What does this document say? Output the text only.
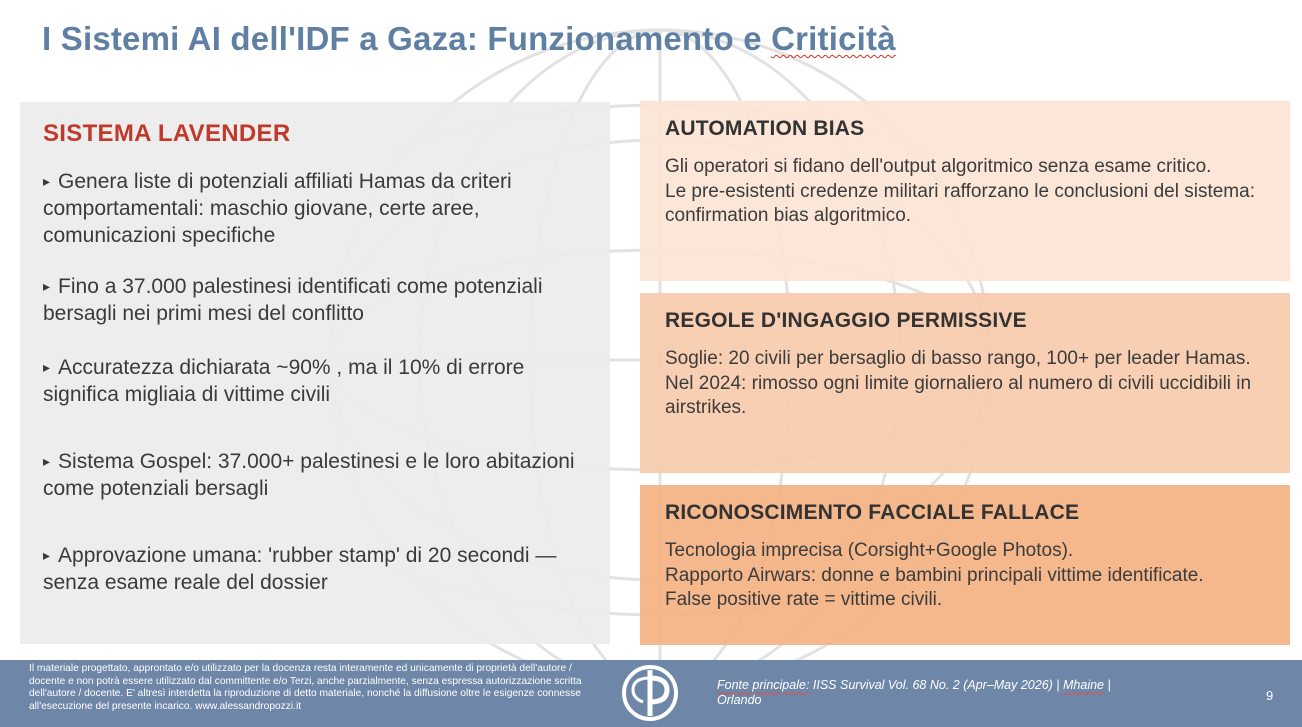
I Sistemi AI dell'IDF a Gaza: Funzionamento e Criticità
SISTEMA LAVENDER
▸ Genera liste di potenziali affiliati Hamas da criteri comportamentali: maschio giovane, certe aree, comunicazioni specifiche
▸ Fino a 37.000 palestinesi identificati come potenziali bersagli nei primi mesi del conflitto
▸ Accuratezza dichiarata ~90% , ma il 10% di errore significa migliaia di vittime civili
▸ Sistema Gospel: 37.000+ palestinesi e le loro abitazioni come potenziali bersagli
▸ Approvazione umana: 'rubber stamp' di 20 secondi — senza esame reale del dossier
AUTOMATION BIAS
Gli operatori si fidano dell'output algoritmico senza esame critico.
Le pre-esistenti credenze militari rafforzano le conclusioni del sistema: confirmation bias algoritmico.
REGOLE D'INGAGGIO PERMISSIVE
Soglie: 20 civili per bersaglio di basso rango, 100+ per leader Hamas.
Nel 2024: rimosso ogni limite giornaliero al numero di civili uccidibili in airstrikes.
RICONOSCIMENTO FACCIALE FALLACE
Tecnologia imprecisa (Corsight+Google Photos).
Rapporto Airwars: donne e bambini principali vittime identificate.
False positive rate = vittime civili.
Il materiale progettato, approntato e/o utilizzato per la docenza resta interamente ed unicamente di proprietà dell'autore / docente e non potrà essere utilizzato dal committente e/o Terzi, anche parzialmente, senza espressa autorizzazione scritta dell'autore / docente. E' altresì interdetta la riproduzione di detto materiale, nonché la diffusione oltre le esigenze connesse all'esecuzione del presente incarico. www.alessandropozzi.it
Fonte principale: IISS Survival Vol. 68 No. 2 (Apr–May 2026) | Mhaine |
Orlando	9
